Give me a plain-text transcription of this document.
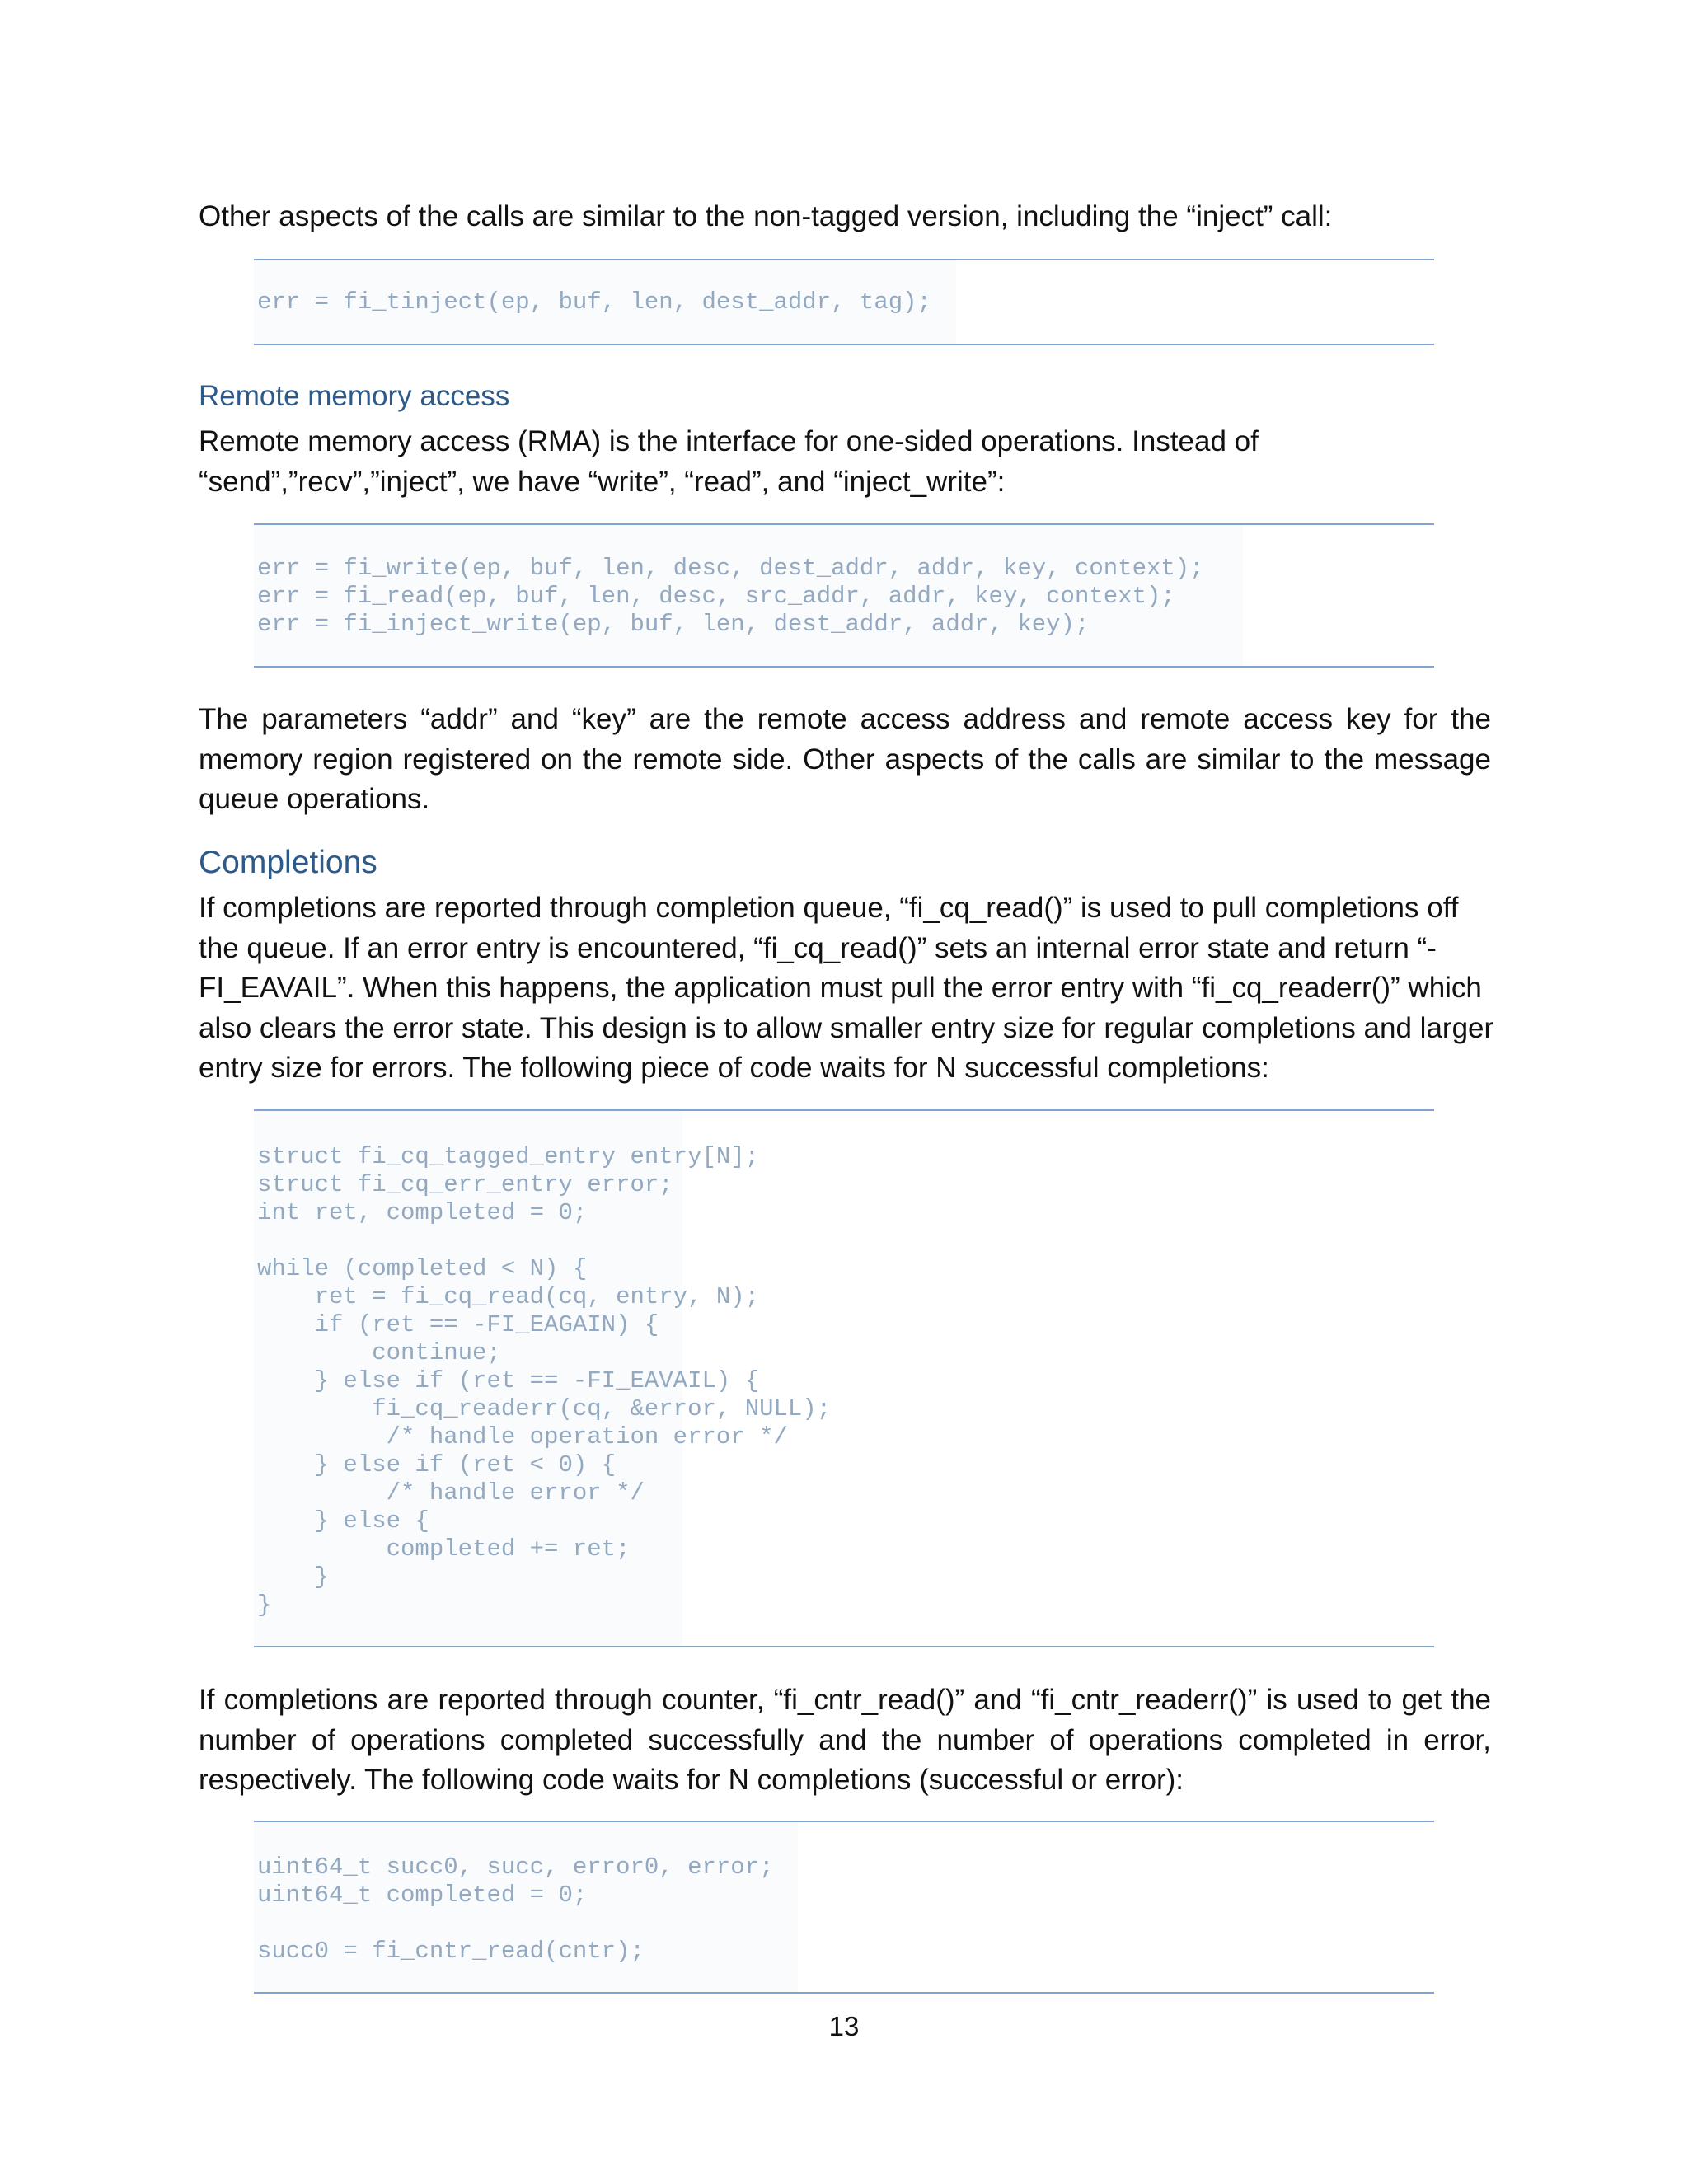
Other aspects of the calls are similar to the non-tagged version, including the “inject” call:

err = fi_tinject(ep, buf, len, dest_addr, tag);
Remote memory access

Remote memory access (RMA) is the interface for one-sided operations. Instead of “send”,”recv”,”inject”, we have “write”, “read”, and “inject_write”:

err = fi_write(ep, buf, len, desc, dest_addr, addr, key, context);
err = fi_read(ep, buf, len, desc, src_addr, addr, key, context);
err = fi_inject_write(ep, buf, len, dest_addr, addr, key);

The parameters “addr” and “key” are the remote access address and remote access key for the memory region registered on the remote side. Other aspects of the calls are similar to the message queue operations.

Completions

If completions are reported through completion queue, “fi_cq_read()” is used to pull completions off the queue. If an error entry is encountered, “fi_cq_read()” sets an internal error state and return “-FI_EAVAIL”. When this happens, the application must pull the error entry with “fi_cq_readerr()” which also clears the error state. This design is to allow smaller entry size for regular completions and larger entry size for errors. The following piece of code waits for N successful completions:

struct fi_cq_tagged_entry entry[N];
struct fi_cq_err_entry error;
int ret, completed = 0;

while (completed < N) {
ret = fi_cq_read(cq, entry, N);
if (ret == -FI_EAGAIN) {
continue;
} else if (ret == -FI_EAVAIL) {
fi_cq_readerr(cq, &error, NULL);
/* handle operation error */
} else if (ret < 0) {
/* handle error */
} else {
completed += ret;
}
}

If completions are reported through counter, “fi_cntr_read()” and “fi_cntr_readerr()” is used to get the number of operations completed successfully and the number of operations completed in error, respectively. The following code waits for N completions (successful or error):

uint64_t succ0, succ, error0, error;
uint64_t completed = 0;

succ0 = fi_cntr_read(cntr);

13
